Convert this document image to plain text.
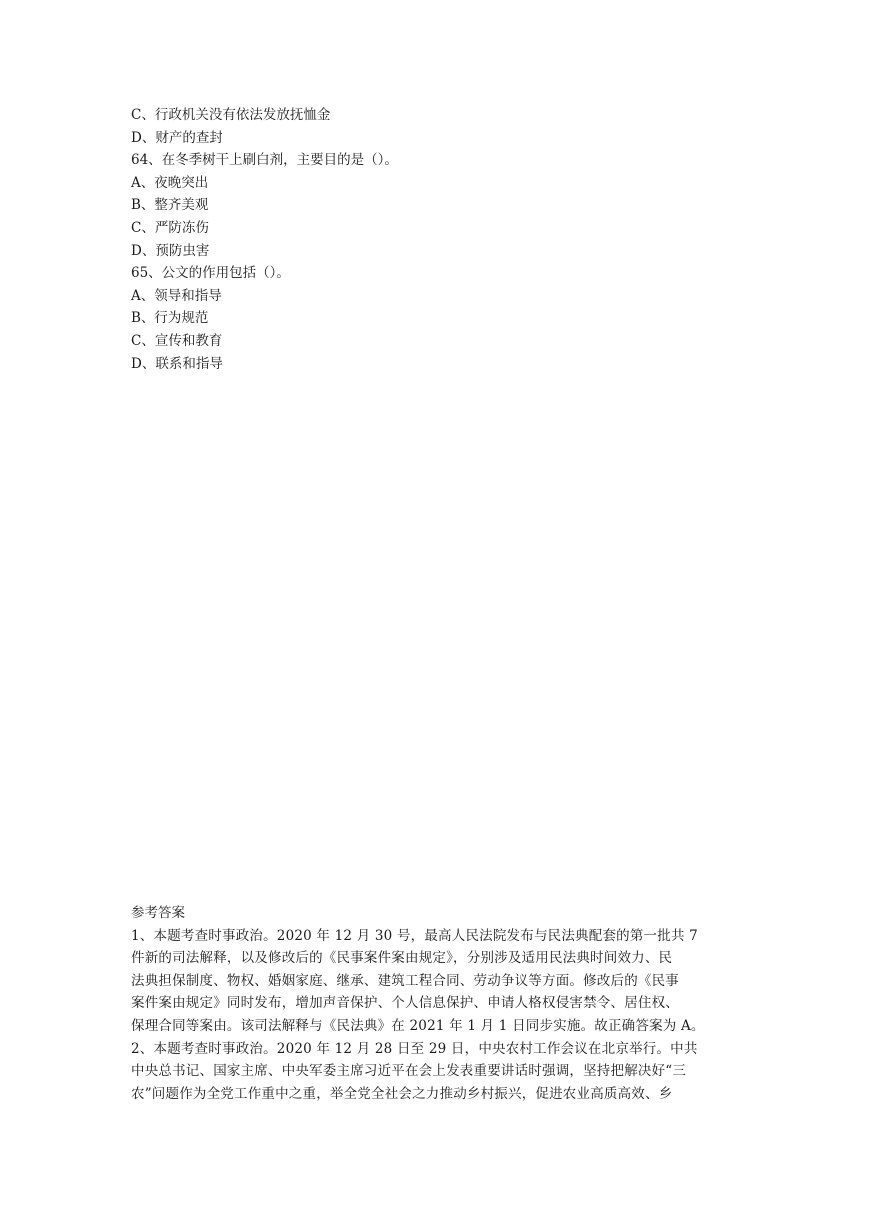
C、行政机关没有依法发放抚恤金
D、财产的查封
64、在冬季树干上刷白剂，主要目的是（）。
A、夜晚突出
B、整齐美观
C、严防冻伤
D、预防虫害
65、公文的作用包括（）。
A、领导和指导
B、行为规范
C、宣传和教育
D、联系和指导
参考答案
1、本题考查时事政治。2020 年 12 月 30 号，最高人民法院发布与民法典配套的第一批共 7
件新的司法解释，以及修改后的《民事案件案由规定》，分别涉及适用民法典时间效力、民
法典担保制度、物权、婚姻家庭、继承、建筑工程合同、劳动争议等方面。修改后的《民事
案件案由规定》同时发布，增加声音保护、个人信息保护、申请人格权侵害禁令、居住权、
保理合同等案由。该司法解释与《民法典》在 2021 年 1 月 1 日同步实施。故正确答案为 A。
2、本题考查时事政治。2020 年 12 月 28 日至 29 日，中央农村工作会议在北京举行。中共
中央总书记、国家主席、中央军委主席习近平在会上发表重要讲话时强调，坚持把解决好“三
农”问题作为全党工作重中之重，举全党全社会之力推动乡村振兴，促进农业高质高效、乡
